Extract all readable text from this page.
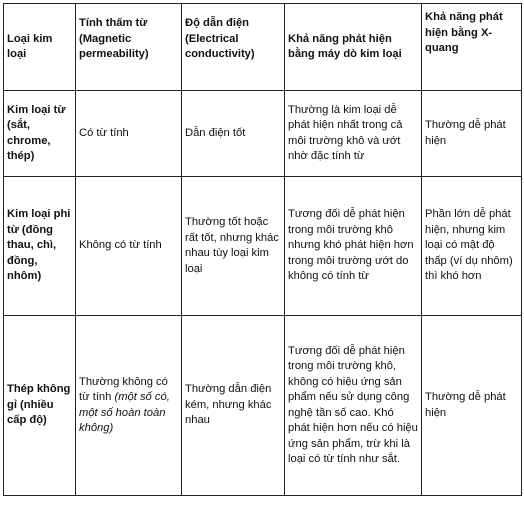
Loại kim loại	Tính thấm từ (Magnetic permeability)	Độ dẫn điện (Electrical conductivity)	Khả năng phát hiện bằng máy dò kim loại	Khả năng phát hiện bằng X-quang
Kim loại từ (sắt, chrome, thép)	Có từ tính	Dẫn điện tốt	Thường là kim loại dễ phát hiện nhất trong cả môi trường khô và ướt nhờ đặc tính từ	Thường dễ phát hiện
Kim loại phi từ (đồng thau, chì, đồng, nhôm)	Không có từ tính	Thường tốt hoặc rất tốt, nhưng khác nhau tùy loại kim loại	Tương đối dễ phát hiện trong môi trường khô nhưng khó phát hiện hơn trong môi trường ướt do không có tính từ	Phần lớn dễ phát hiện, nhưng kim loại có mật độ thấp (ví dụ nhôm) thì khó hơn
Thép không gỉ (nhiều cấp độ)	Thường không có từ tính (một số có, một số hoàn toàn không)	Thường dẫn điện kém, nhưng khác nhau	Tương đối dễ phát hiện trong môi trường khô, không có hiệu ứng sản phẩm nếu sử dụng công nghệ tần số cao. Khó phát hiện hơn nếu có hiệu ứng sản phẩm, trừ khi là loại có từ tính như sắt.	Thường dễ phát hiện
